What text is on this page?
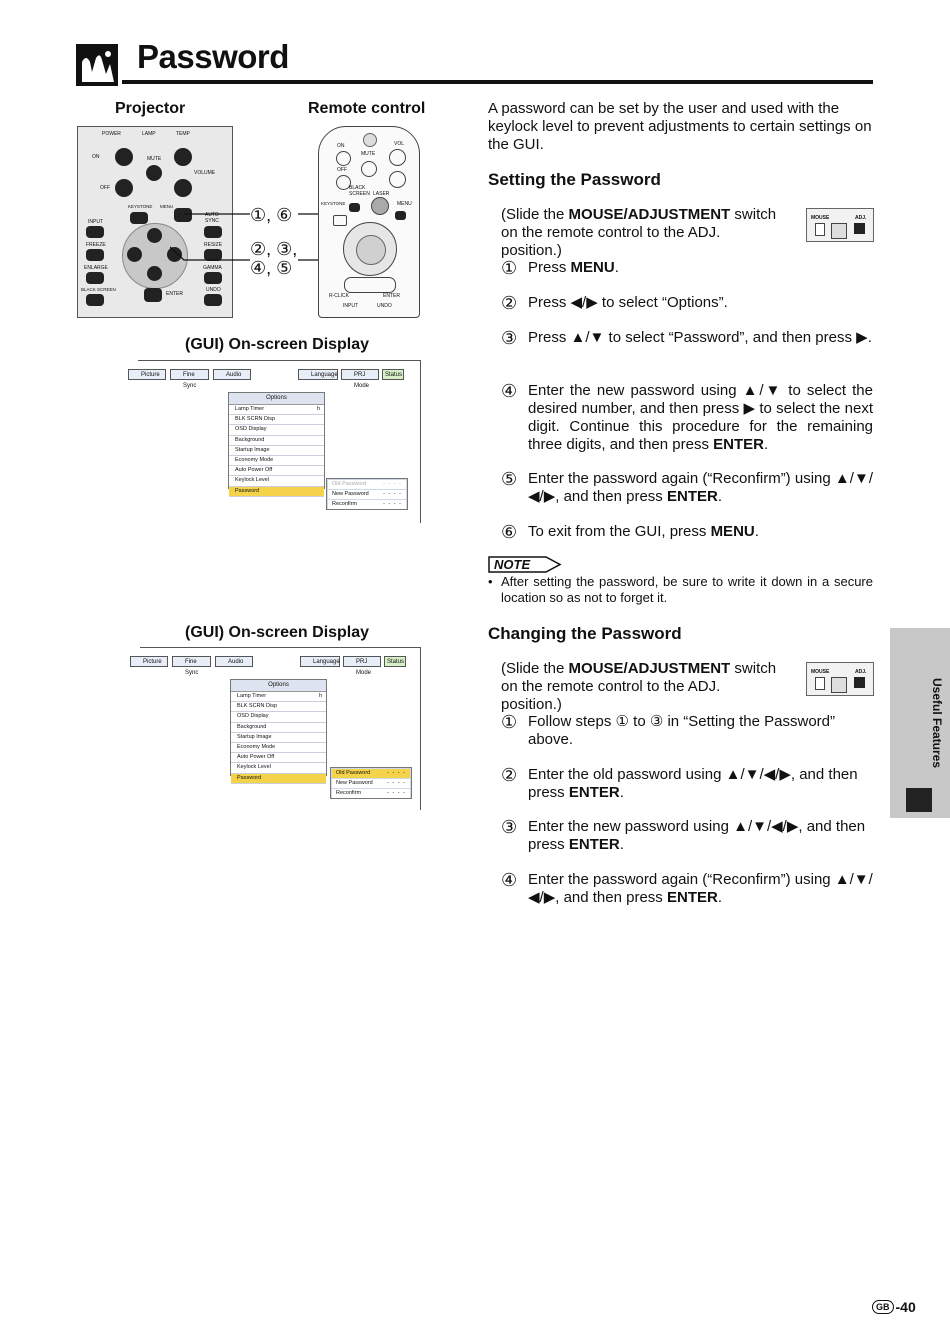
Password
Projector	Remote control
POWER	LAMP	TEMP
ON	MUTE
VOLUME
OFF
KEYSTONE MENU
AUTO SYNC
INPUT
FREEZE	RESIZE
ENLARGE	GAMMA
BLACK SCREEN	UNDO
ENTER
①, ⑥
②, ③,
④, ⑤
ON
MUTE
VOL
OFF
BLACK SCREEN LASER
KEYSTONE	MENU
R-CLICK	ENTER
INPUT	UNDO
(GUI) On-screen Display
Picture	Fine Sync
Audio	Language	PRJ Mode
Status
Options
Lamp Timer	h
BLK SCRN Disp
OSD Display
Background
Startup Image
Economy Mode
Auto Power Off
Keylock Level
Password
Old Password	- - - -
New Password	- - - -
Reconfirm	- - - -
(GUI) On-screen Display
Picture	Fine Sync
Audio	Language	PRJ Mode
Status
Options
Lamp Timer	h
BLK SCRN Disp
OSD Display
Background
Startup Image
Economy Mode
Auto Power Off
Keylock Level
Password
Old Password	- - - -
New Password	- - - -
Reconfirm	- - - -
A password can be set by the user and used with the keylock level to prevent adjustments to certain settings on the GUI.
Setting the Password
(Slide the MOUSE/ADJUSTMENT switch on the remote control to the ADJ. position.)
MOUSE	ADJ.
① Press MENU.
② Press ◀/▶ to select “Options”.
③ Press ▲/▼ to select “Password”, and then press ▶.
④ Enter the new password using ▲/▼ to select the desired number, and then press ▶ to select the next digit. Continue this procedure for the remaining three digits, and then press ENTER.
⑤ Enter the password again (“Reconfirm”) using ▲/▼/◀/▶, and then press ENTER.
⑥ To exit from the GUI, press MENU.
NOTE
• After setting the password, be sure to write it down in a secure location so as not to forget it.
Changing the Password
(Slide the MOUSE/ADJUSTMENT switch on the remote control to the ADJ. position.)
MOUSE	ADJ.
① Follow steps ① to ③ in “Setting the Password” above.
② Enter the old password using ▲/▼/◀/▶, and then press ENTER.
③ Enter the new password using ▲/▼/◀/▶, and then press ENTER.
④ Enter the password again (“Reconfirm”) using ▲/▼/◀/▶, and then press ENTER.
Useful Features
GB -40
